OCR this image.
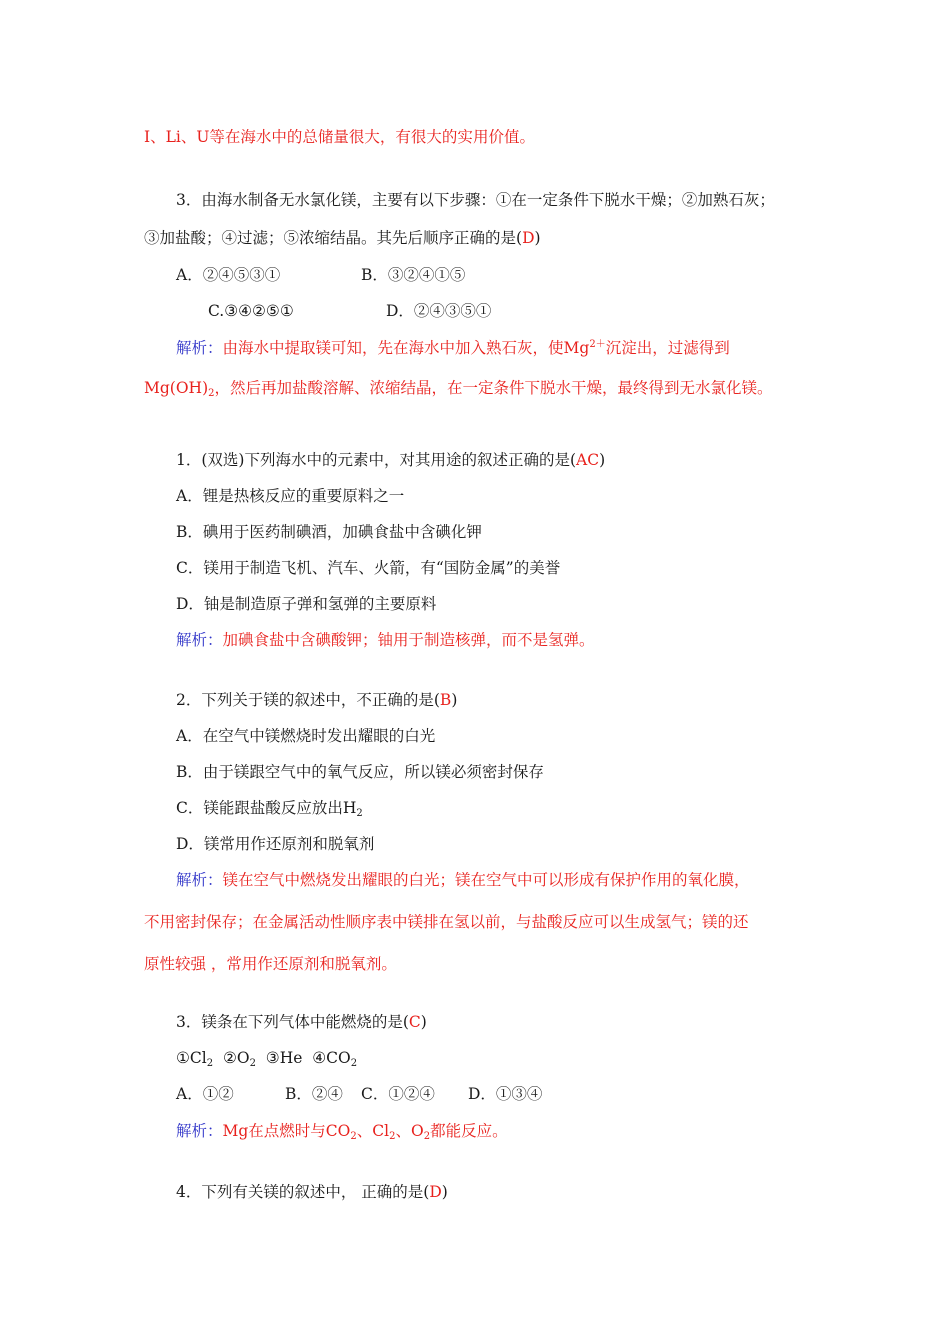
I、Li、U等在海水中的总储量很大，有很大的实用价值。
3．由海水制备无水氯化镁，主要有以下步骤：①在一定条件下脱水干燥；②加熟石灰；
③加盐酸；④过滤；⑤浓缩结晶。其先后顺序正确的是(D)
A．②④⑤③①	B．③②④①⑤
C.③④②⑤①	D．②④③⑤①
解析：由海水中提取镁可知，先在海水中加入熟石灰，使$Mg^{2+}$沉淀出，过滤得到
$Mg(OH)_2$，然后再加盐酸溶解、浓缩结晶，在一定条件下脱水干燥，最终得到无水氯化镁。
1．(双选)下列海水中的元素中，对其用途的叙述正确的是(AC)
A．锂是热核反应的重要原料之一
B．碘用于医药制碘酒，加碘食盐中含碘化钾
C．镁用于制造飞机、汽车、火箭，有“国防金属”的美誉
D．铀是制造原子弹和氢弹的主要原料
解析：加碘食盐中含碘酸钾；铀用于制造核弹，而不是氢弹。
2．下列关于镁的叙述中，不正确的是(B)
A．在空气中镁燃烧时发出耀眼的白光
B．由于镁跟空气中的氧气反应，所以镁必须密封保存
C．镁能跟盐酸反应放出$H_2$
D．镁常用作还原剂和脱氧剂
解析：镁在空气中燃烧发出耀眼的白光；镁在空气中可以形成有保护作用的氧化膜，
不用密封保存；在金属活动性顺序表中镁排在氢以前，与盐酸反应可以生成氢气；镁的还
原性较强 ，常用作还原剂和脱氧剂。
3．镁条在下列气体中能燃烧的是(C)
$①Cl_2$ $②O_2$ ③He $④CO_2$
A．①②	B．②④ C．①②④ D．①③④
解析：Mg在点燃时与$CO_2$、$Cl_2$、$O_2$都能反应。
4．下列有关镁的叙述中， 正确的是(D)
